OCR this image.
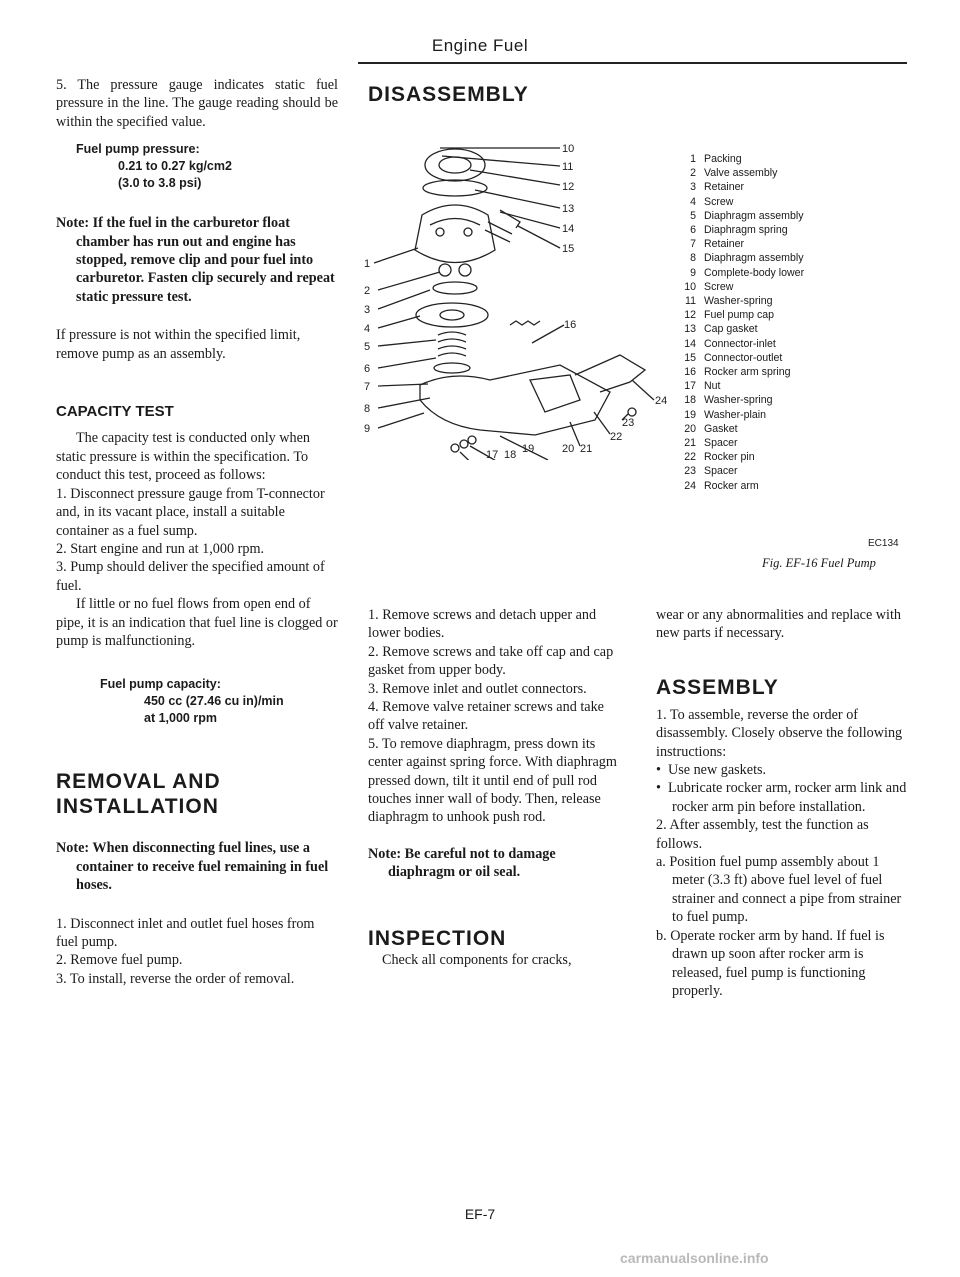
Engine Fuel

5. The pressure gauge indicates static fuel pressure in the line. The gauge reading should be within the specified value.

Fuel pump pressure:

0.21 to 0.27 kg/cm2

(3.0 to 3.8 psi)

Note: If the fuel in the carburetor float chamber has run out and engine has stopped, remove clip and pour fuel into carburetor. Fasten clip securely and repeat static pressure test.

If pressure is not within the specified limit, remove pump as an assembly.

CAPACITY TEST

The capacity test is conducted only when static pressure is within the specification. To conduct this test, proceed as follows:

1. Disconnect pressure gauge from T-connector and, in its vacant place, install a suitable container as a fuel sump.

2. Start engine and run at 1,000 rpm.

3. Pump should deliver the specified amount of fuel.

If little or no fuel flows from open end of pipe, it is an indication that fuel line is clogged or pump is malfunctioning.

Fuel pump capacity:

450 cc (27.46 cu in)/min

at 1,000 rpm

REMOVAL AND

INSTALLATION

Note: When disconnecting fuel lines, use a container to receive fuel remaining in fuel hoses.

1. Disconnect inlet and outlet fuel hoses from fuel pump.

2. Remove fuel pump.

3. To install, reverse the order of removal.

DISASSEMBLY

10
11
12
13
14
15
1
2
3
4
5
6
7
8
9
16
24
23
22
21
20
19
18
17
1 Packing
2 Valve assembly
3 Retainer
4 Screw
5 Diaphragm assembly
6 Diaphragm spring
7 Retainer
8 Diaphragm assembly
9 Complete-body lower
10 Screw
11 Washer-spring
12 Fuel pump cap
13 Cap gasket
14 Connector-inlet
15 Connector-outlet
16 Rocker arm spring
17 Nut
18 Washer-spring
19 Washer-plain
20 Gasket
21 Spacer
22 Rocker pin
23 Spacer
24 Rocker arm
EC134
Fig. EF-16 Fuel Pump

1. Remove screws and detach upper and lower bodies.

2. Remove screws and take off cap and cap gasket from upper body.

3. Remove inlet and outlet connectors.

4. Remove valve retainer screws and take off valve retainer.

5. To remove diaphragm, press down its center against spring force. With diaphragm pressed down, tilt it until end of pull rod touches inner wall of body. Then, release diaphragm to unhook push rod.

Note: Be careful not to damage diaphragm or oil seal.

INSPECTION

Check all components for cracks,

wear or any abnormalities and replace with new parts if necessary.

ASSEMBLY

1. To assemble, reverse the order of disassembly. Closely observe the following instructions:

• Use new gaskets.

• Lubricate rocker arm, rocker arm link and rocker arm pin before installation.

2. After assembly, test the function as follows.

a. Position fuel pump assembly about 1 meter (3.3 ft) above fuel level of fuel strainer and connect a pipe from strainer to fuel pump.

b. Operate rocker arm by hand. If fuel is drawn up soon after rocker arm is released, fuel pump is functioning properly.

EF-7
carmanualsonline.info
